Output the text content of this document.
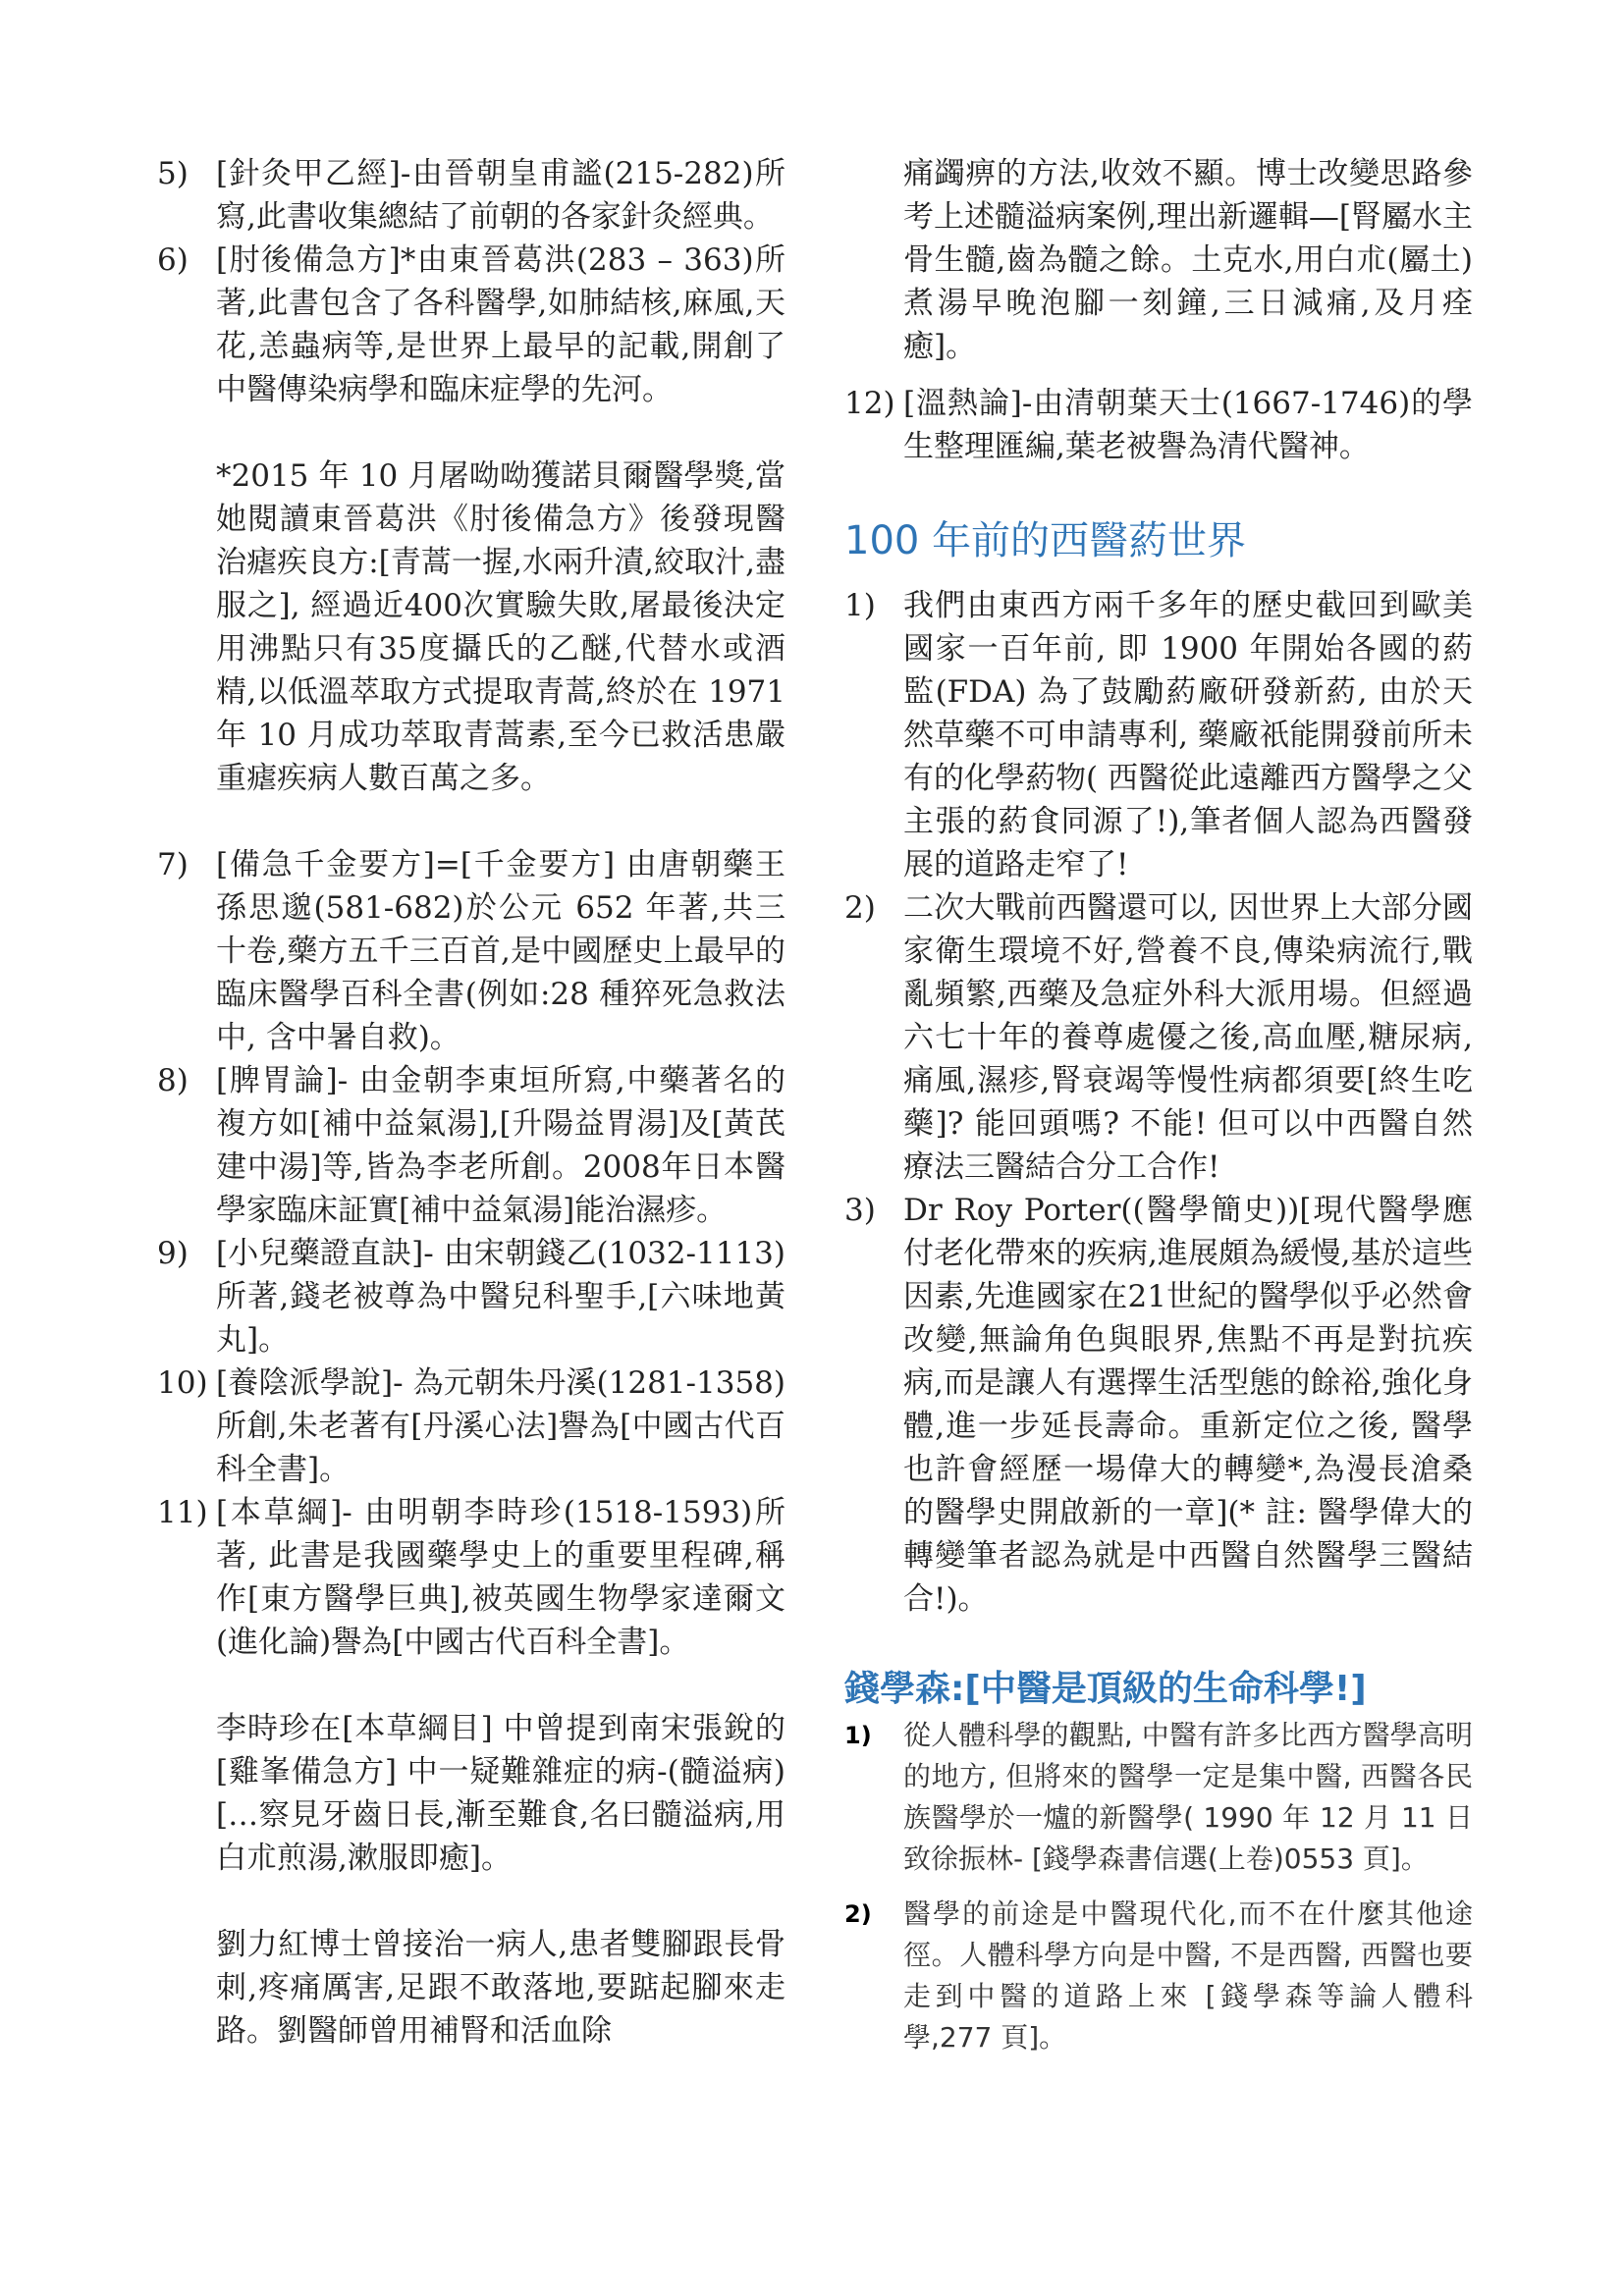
5) [針灸甲乙經]-由晉朝皇甫謐(215-282)所寫,此書收集總結了前朝的各家針灸經典。
6) [肘後備急方]*由東晉葛洪(283 – 363)所著,此書包含了各科醫學,如肺結核,麻風,天花,恙蟲病等,是世界上最早的記載,開創了中醫傳染病學和臨床症學的先河。

*2015 年 10 月屠呦呦獲諾貝爾醫學獎,當她閱讀東晉葛洪《肘後備急方》後發現醫治瘧疾良方:[青蒿一握,水兩升漬,絞取汁,盡服之], 經過近400次實驗失敗,屠最後決定用沸點只有35度攝氏的乙醚,代替水或酒精,以低溫萃取方式提取青蒿,終於在 1971 年 10 月成功萃取青蒿素,至今已救活患嚴重瘧疾病人數百萬之多。

7) [備急千金要方]=[千金要方] 由唐朝藥王孫思邈(581-682)於公元 652 年著,共三十卷,藥方五千三百首,是中國歷史上最早的臨床醫學百科全書(例如:28 種猝死急救法中, 含中暑自救)。
8) [脾胃論]- 由金朝李東垣所寫,中藥著名的複方如[補中益氣湯],[升陽益胃湯]及[黃芪建中湯]等,皆為李老所創。2008年日本醫學家臨床証實[補中益氣湯]能治濕疹。
9) [小兒藥證直訣]- 由宋朝錢乙(1032-1113)所著,錢老被尊為中醫兒科聖手,[六味地黃丸]。
10) [養陰派學說]- 為元朝朱丹溪(1281-1358)所創,朱老著有[丹溪心法]譽為[中國古代百科全書]。
11) [本草綱]- 由明朝李時珍(1518-1593)所著, 此書是我國藥學史上的重要里程碑,稱作[東方醫學巨典],被英國生物學家達爾文(進化論)譽為[中國古代百科全書]。

李時珍在[本草綱目] 中曾提到南宋張銳的[雞峯備急方] 中一疑難雜症的病-(髓溢病)[…察見牙齒日長,漸至難食,名曰髓溢病,用白朮煎湯,漱服即癒]。

劉力紅博士曾接治一病人,患者雙腳跟長骨刺,疼痛厲害,足跟不敢落地,要踮起腳來走路。劉醫師曾用補腎和活血除

痛蠲痹的方法,收效不顯。博士改變思路參考上述髓溢病案例,理出新邏輯—[腎屬水主骨生髓,齒為髓之餘。土克水,用白朮(屬土)煮湯早晚泡腳一刻鐘,三日減痛,及月痊癒]。

12) [溫熱論]-由清朝葉天士(1667-1746)的學生整理匯編,葉老被譽為清代醫神。
100 年前的西醫葯世界
1) 我們由東西方兩千多年的歷史截回到歐美國家一百年前, 即 1900 年開始各國的葯監(FDA) 為了鼓勵葯廠研發新葯, 由於天然草藥不可申請專利, 藥廠祇能開發前所未有的化學葯物( 西醫從此遠離西方醫學之父主張的葯食同源了!),筆者個人認為西醫發展的道路走窄了!
2) 二次大戰前西醫還可以, 因世界上大部分國家衛生環境不好,營養不良,傳染病流行,戰亂頻繁,西藥及急症外科大派用場。但經過六七十年的養尊處優之後,高血壓,糖尿病,痛風,濕疹,腎衰竭等慢性病都須要[終生吃藥]? 能回頭嗎? 不能! 但可以中西醫自然療法三醫結合分工合作!
3) Dr Roy Porter((醫學簡史))[現代醫學應付老化帶來的疾病,進展頗為緩慢,基於這些因素,先進國家在21世紀的醫學似乎必然會改變,無論角色與眼界,焦點不再是對抗疾病,而是讓人有選擇生活型態的餘裕,強化身體,進一步延長壽命。重新定位之後, 醫學也許會經歷一場偉大的轉變*,為漫長滄桑的醫學史開啟新的一章](* 註: 醫學偉大的轉變筆者認為就是中西醫自然醫學三醫結合!)。
錢學森:[中醫是頂級的生命科學!]
1)	從人體科學的觀點, 中醫有許多比西方醫學高明的地方, 但將來的醫學一定是集中醫, 西醫各民族醫學於一爐的新醫學( 1990 年 12 月 11 日致徐振林- [錢學森書信選(上卷)0553 頁]。
2)	醫學的前途是中醫現代化,而不在什麼其他途徑。人體科學方向是中醫, 不是西醫, 西醫也要走到中醫的道路上來 [錢學森等論人體科學,277 頁]。
